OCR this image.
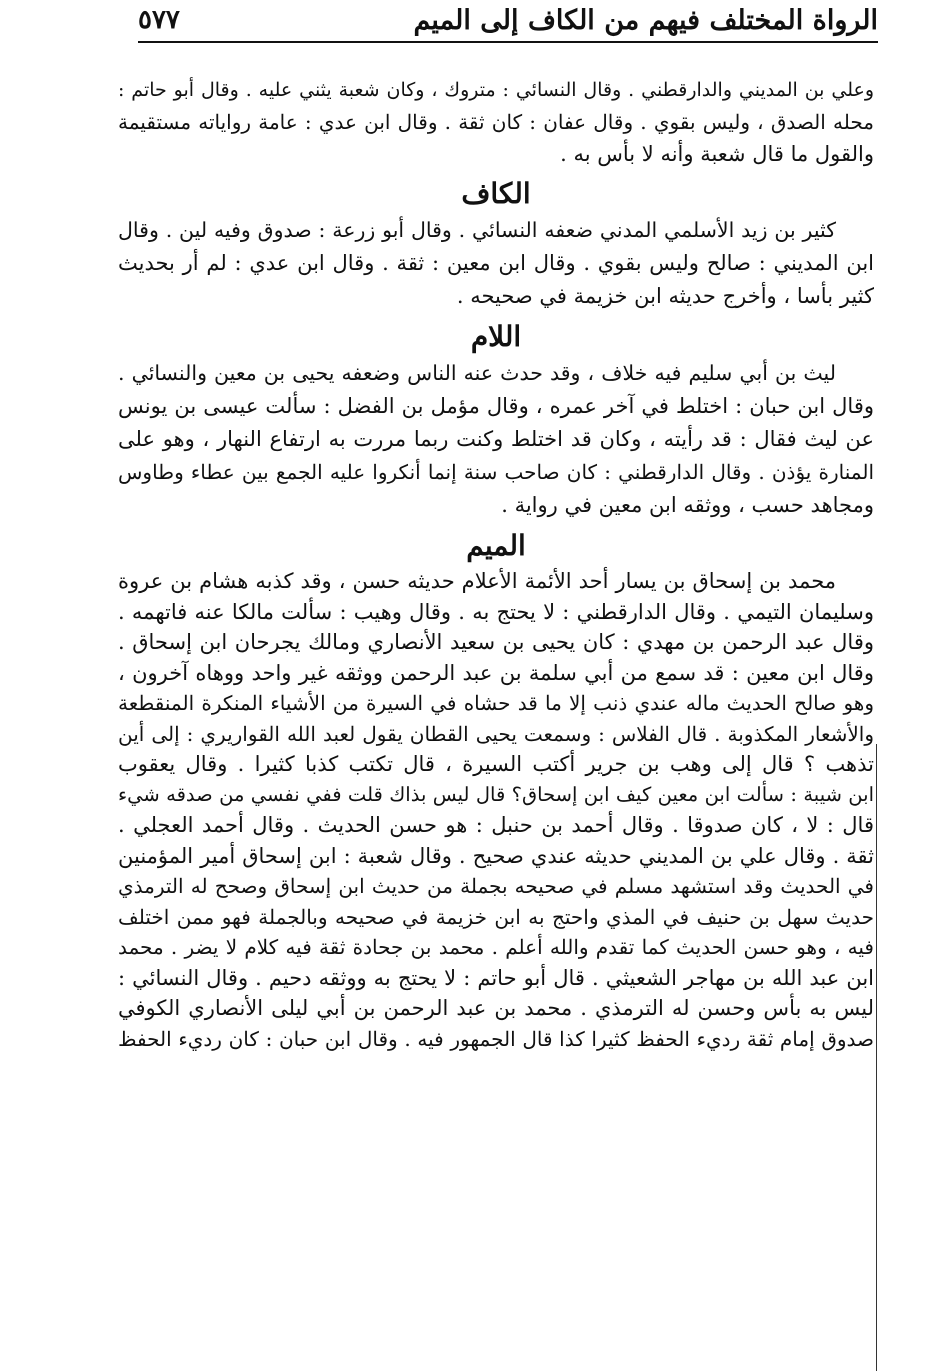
الرواة المختلف فيهم من الكاف إلى الميم
٥٧٧
وعلي بن المديني والدارقطني . وقال النسائي : متروك ، وكان شعبة يثني عليه . وقال أبو حاتم :
محله الصدق ، وليس بقوي . وقال عفان : كان ثقة . وقال ابن عدي : عامة رواياته مستقيمة
والقول ما قال شعبة وأنه لا بأس به .
الكاف
كثير بن زيد الأسلمي المدني ضعفه النسائي . وقال أبو زرعة : صدوق وفيه لين . وقال
ابن المديني : صالح وليس بقوي . وقال ابن معين : ثقة . وقال ابن عدي : لم أر بحديث
كثير بأسا ، وأخرج حديثه ابن خزيمة في صحيحه .
اللام
ليث بن أبي سليم فيه خلاف ، وقد حدث عنه الناس وضعفه يحيى بن معين والنسائي .
وقال ابن حبان : اختلط في آخر عمره ، وقال مؤمل بن الفضل : سألت عيسى بن يونس
عن ليث فقال : قد رأيته ، وكان قد اختلط وكنت ربما مررت به ارتفاع النهار ، وهو على
المنارة يؤذن . وقال الدارقطني : كان صاحب سنة إنما أنكروا عليه الجمع بين عطاء وطاوس
ومجاهد حسب ، ووثقه ابن معين في رواية .
الميم
محمد بن إسحاق بن يسار أحد الأئمة الأعلام حديثه حسن ، وقد كذبه هشام بن عروة
وسليمان التيمي . وقال الدارقطني : لا يحتج به . وقال وهيب : سألت مالكا عنه فاتهمه .
وقال عبد الرحمن بن مهدي : كان يحيى بن سعيد الأنصاري ومالك يجرحان ابن إسحاق .
وقال ابن معين : قد سمع من أبي سلمة بن عبد الرحمن ووثقه غير واحد ووهاه آخرون ،
وهو صالح الحديث ماله عندي ذنب إلا ما قد حشاه في السيرة من الأشياء المنكرة المنقطعة
والأشعار المكذوبة . قال الفلاس : وسمعت يحيى القطان يقول لعبد الله القواريري : إلى أين
تذهب ؟ قال إلى وهب بن جرير أكتب السيرة ، قال تكتب كذبا كثيرا . وقال يعقوب
ابن شيبة : سألت ابن معين كيف ابن إسحاق؟ قال ليس بذاك قلت ففي نفسي من صدقه شيء
قال : لا ، كان صدوقا . وقال أحمد بن حنبل : هو حسن الحديث . وقال أحمد العجلي .
ثقة . وقال علي بن المديني حديثه عندي صحيح . وقال شعبة : ابن إسحاق أمير المؤمنين
في الحديث وقد استشهد مسلم في صحيحه بجملة من حديث ابن إسحاق وصحح له الترمذي
حديث سهل بن حنيف في المذي واحتج به ابن خزيمة في صحيحه وبالجملة فهو ممن اختلف
فيه ، وهو حسن الحديث كما تقدم والله أعلم . محمد بن جحادة ثقة فيه كلام لا يضر . محمد
ابن عبد الله بن مهاجر الشعيثي . قال أبو حاتم : لا يحتج به ووثقه دحيم . وقال النسائي :
ليس به بأس وحسن له الترمذي . محمد بن عبد الرحمن بن أبي ليلى الأنصاري الكوفي
صدوق إمام ثقة رديء الحفظ كثيرا كذا قال الجمهور فيه . وقال ابن حبان : كان رديء الحفظ
